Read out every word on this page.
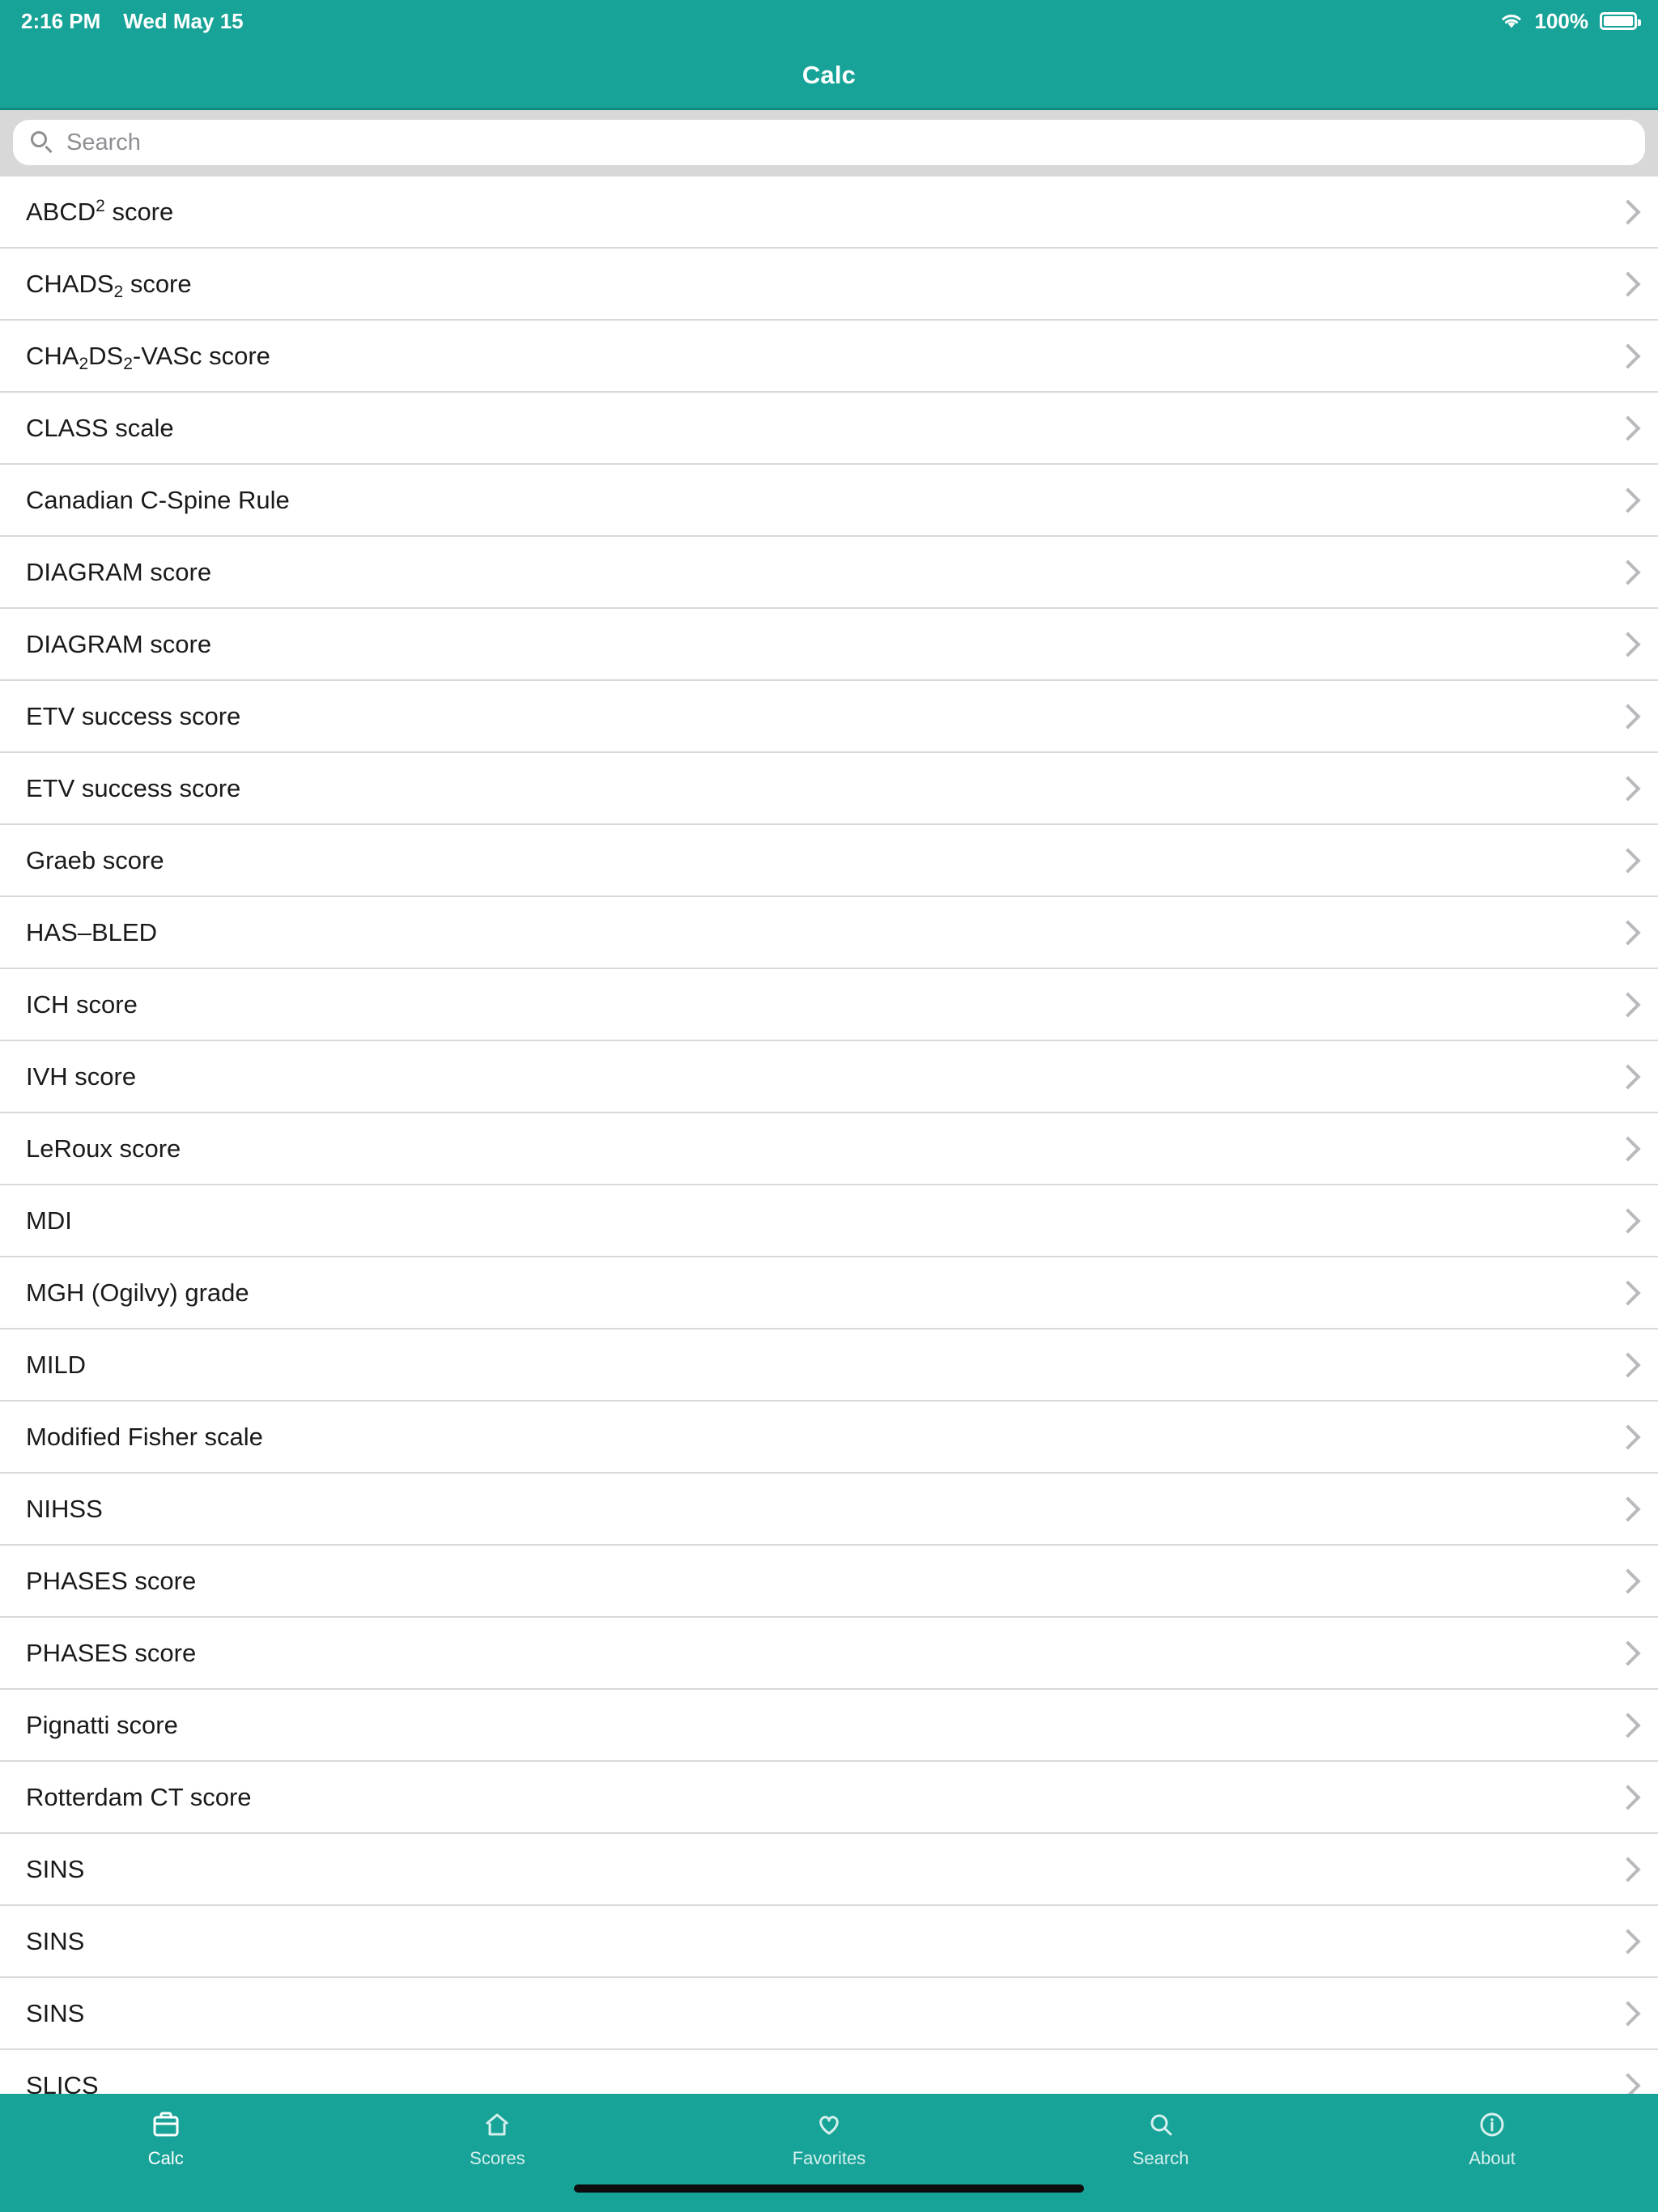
2:16 PM Wed May 15	100%
Calc
Search
ABCD$^2$ score
$CHADS_2$ score
$CHA_2DS_2$-VASc score
CLASS scale
Canadian C-Spine Rule
DIAGRAM score
DIAGRAM score
ETV success score
ETV success score
Graeb score
HAS–BLED
ICH score
IVH score
LeRoux score
MDI
MGH (Ogilvy) grade
MILD
Modified Fisher scale
NIHSS
PHASES score
PHASES score
Pignatti score
Rotterdam CT score
SINS
SINS
SINS
SLICS
Calc	Scores	Favorites	Search	About
